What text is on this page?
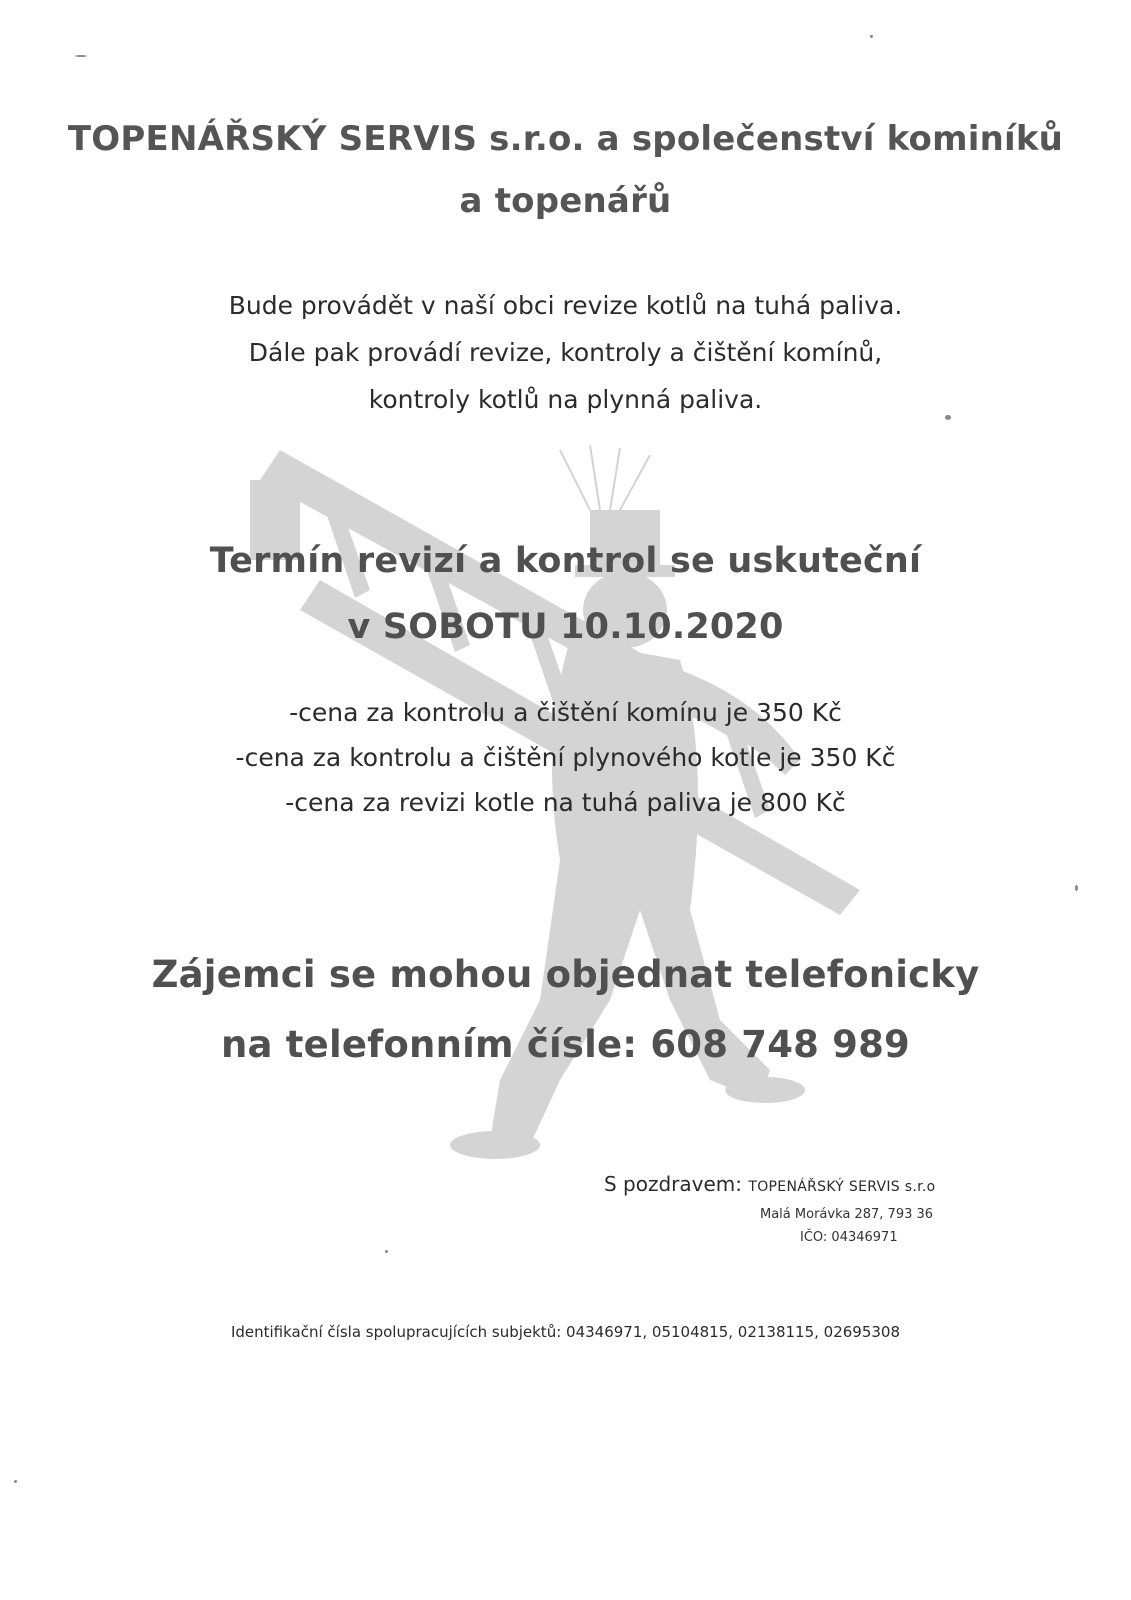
TOPENÁŘSKÝ SERVIS s.r.o. a společenství kominíků
a topenářů
Bude provádět v naší obci revize kotlů na tuhá paliva.
Dále pak provádí revize, kontroly a čištění komínů,
kontroly kotlů na plynná paliva.
Termín revizí a kontrol se uskuteční
v SOBOTU 10.10.2020
-cena za kontrolu a čištění komínu je 350 Kč
-cena za kontrolu a čištění plynového kotle je 350 Kč
-cena za revizi kotle na tuhá paliva je 800 Kč
Zájemci se mohou objednat telefonicky
na telefonním čísle: 608 748 989
S pozdravem: TOPENÁŘSKÝ SERVIS s.r.o
Malá Morávka 287, 793 36
IČO: 04346971
Identifikační čísla spolupracujících subjektů: 04346971, 05104815, 02138115, 02695308
